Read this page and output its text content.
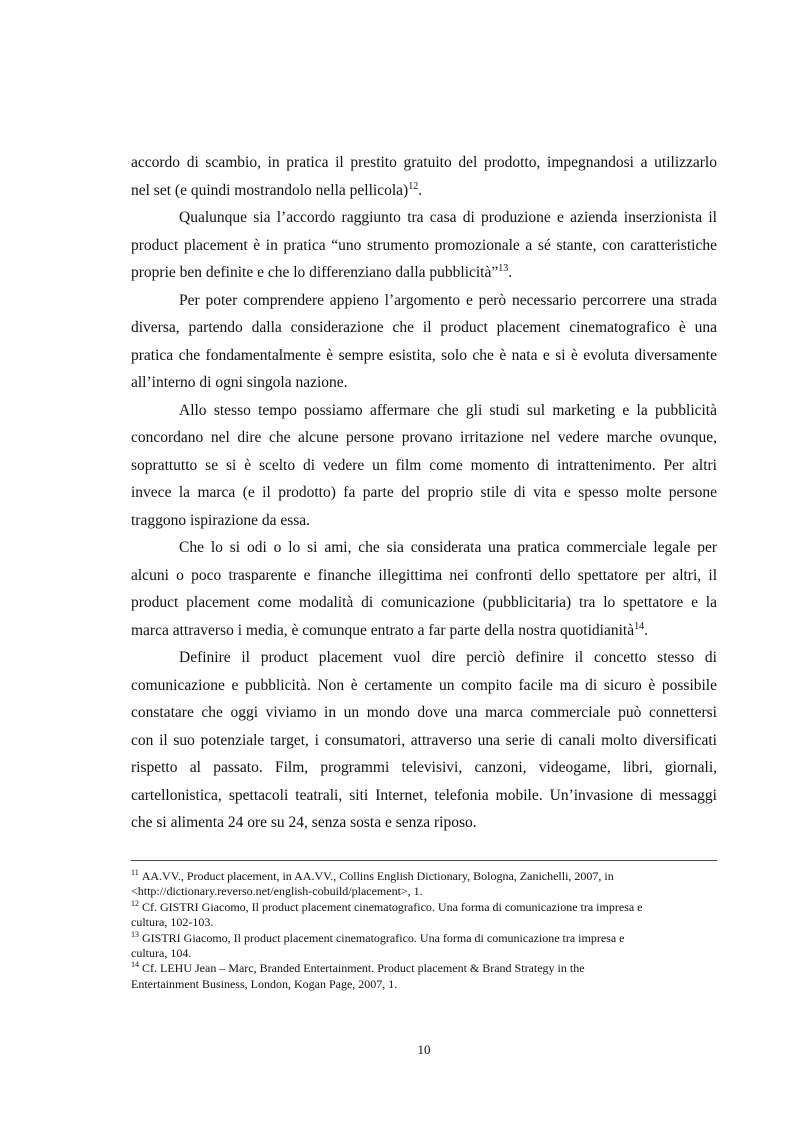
accordo di scambio, in pratica il prestito gratuito del prodotto, impegnandosi a utilizzarlo
nel set (e quindi mostrandolo nella pellicola)$^{12}$.
Qualunque sia l’accordo raggiunto tra casa di produzione e azienda inserzionista il
product placement è in pratica “uno strumento promozionale a sé stante, con caratteristiche
proprie ben definite e che lo differenziano dalla pubblicità”$^{13}$.
Per poter comprendere appieno l’argomento e però necessario percorrere una strada
diversa, partendo dalla considerazione che il product placement cinematografico è una
pratica che fondamentalmente è sempre esistita, solo che è nata e si è evoluta diversamente
all’interno di ogni singola nazione.
Allo stesso tempo possiamo affermare che gli studi sul marketing e la pubblicità
concordano nel dire che alcune persone provano irritazione nel vedere marche ovunque,
soprattutto se si è scelto di vedere un film come momento di intrattenimento. Per altri
invece la marca (e il prodotto) fa parte del proprio stile di vita e spesso molte persone
traggono ispirazione da essa.
Che lo si odi o lo si ami, che sia considerata una pratica commerciale legale per
alcuni o poco trasparente e finanche illegittima nei confronti dello spettatore per altri, il
product placement come modalità di comunicazione (pubblicitaria) tra lo spettatore e la
marca attraverso i media, è comunque entrato a far parte della nostra quotidianità$^{14}$.
Definire il product placement vuol dire perciò definire il concetto stesso di
comunicazione e pubblicità. Non è certamente un compito facile ma di sicuro è possibile
constatare che oggi viviamo in un mondo dove una marca commerciale può connettersi
con il suo potenziale target, i consumatori, attraverso una serie di canali molto diversificati
rispetto al passato. Film, programmi televisivi, canzoni, videogame, libri, giornali,
cartellonistica, spettacoli teatrali, siti Internet, telefonia mobile. Un’invasione di messaggi
che si alimenta 24 ore su 24, senza sosta e senza riposo.
$^{11}$ AA.VV., Product placement, in AA.VV., Collins English Dictionary, Bologna, Zanichelli, 2007, in
<http://dictionary.reverso.net/english-cobuild/placement>, 1.
$^{12}$ Cf. GISTRI Giacomo, Il product placement cinematografico. Una forma di comunicazione tra impresa e
cultura, 102-103.
$^{13}$ GISTRI Giacomo, Il product placement cinematografico. Una forma di comunicazione tra impresa e
cultura, 104.
$^{14}$ Cf. LEHU Jean – Marc, Branded Entertainment. Product placement & Brand Strategy in the
Entertainment Business, London, Kogan Page, 2007, 1.
10
